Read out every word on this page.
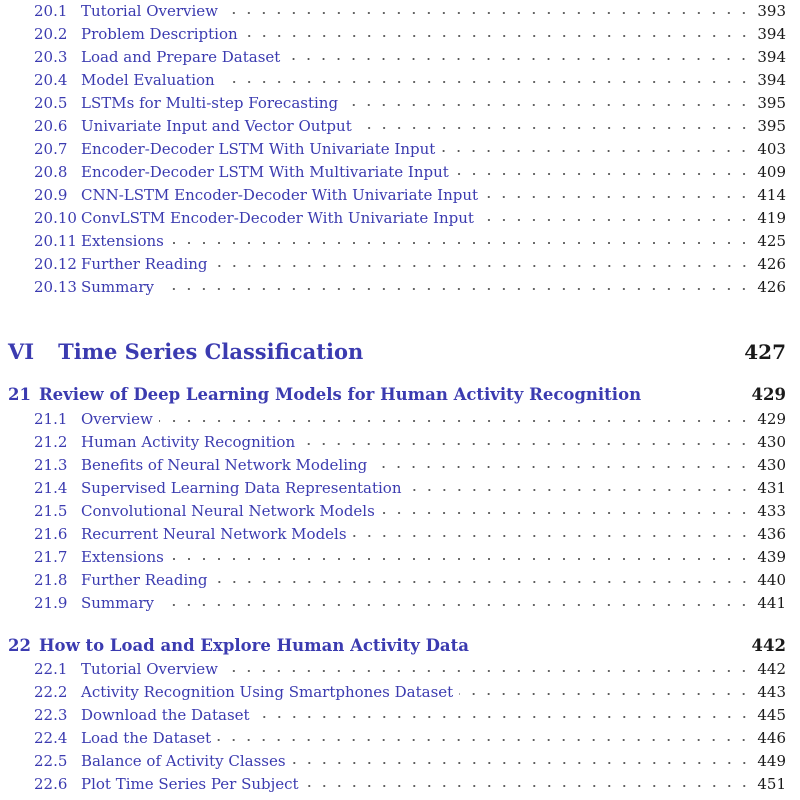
20.1 Tutorial Overview	393
20.2 Problem Description	394
20.3 Load and Prepare Dataset	394
20.4 Model Evaluation	394
20.5 LSTMs for Multi-step Forecasting	395
20.6 Univariate Input and Vector Output	395
20.7 Encoder-Decoder LSTM With Univariate Input	403
20.8 Encoder-Decoder LSTM With Multivariate Input	409
20.9 CNN-LSTM Encoder-Decoder With Univariate Input	414
20.10 ConvLSTM Encoder-Decoder With Univariate Input	419
20.11 Extensions	425
20.12 Further Reading	426
20.13 Summary	426
VI Time Series Classification	427
21 Review of Deep Learning Models for Human Activity Recognition	429
21.1 Overview	429
21.2 Human Activity Recognition	430
21.3 Benefits of Neural Network Modeling	430
21.4 Supervised Learning Data Representation	431
21.5 Convolutional Neural Network Models	433
21.6 Recurrent Neural Network Models	436
21.7 Extensions	439
21.8 Further Reading	440
21.9 Summary	441
22 How to Load and Explore Human Activity Data	442
22.1 Tutorial Overview	442
22.2 Activity Recognition Using Smartphones Dataset	443
22.3 Download the Dataset	445
22.4 Load the Dataset	446
22.5 Balance of Activity Classes	449
22.6 Plot Time Series Per Subject	451
